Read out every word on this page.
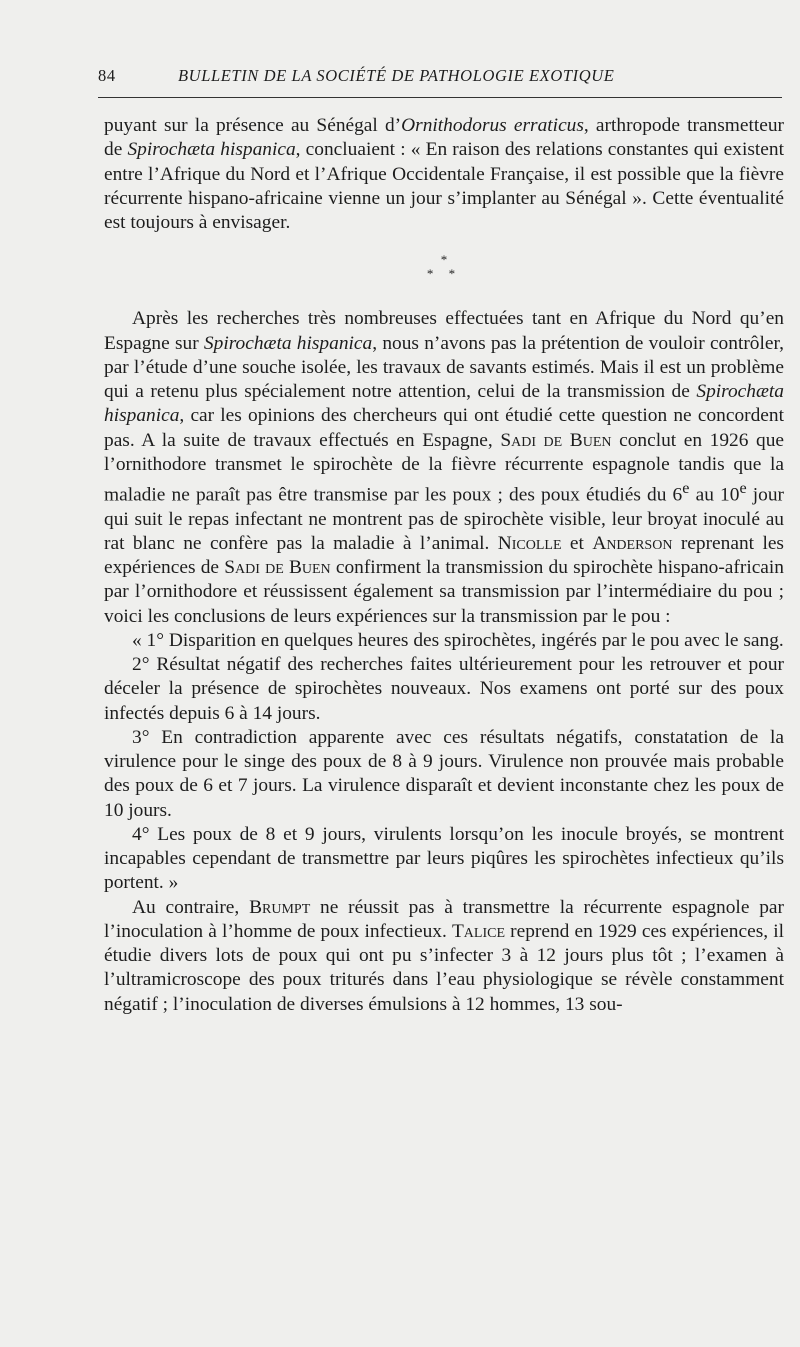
84	BULLETIN DE LA SOCIÉTÉ DE PATHOLOGIE EXOTIQUE

puyant sur la présence au Sénégal d’Ornithodorus erraticus, arthropode transmetteur de Spirochæta hispanica, concluaient : « En raison des relations constantes qui existent entre l’Afrique du Nord et l’Afrique Occidentale Française, il est possible que la fièvre récurrente hispano-africaine vienne un jour s’implanter au Sénégal ». Cette éventualité est toujours à envisager.

*
* *

Après les recherches très nombreuses effectuées tant en Afrique du Nord qu’en Espagne sur Spirochæta hispanica, nous n’avons pas la prétention de vouloir contrôler, par l’étude d’une souche isolée, les travaux de savants estimés. Mais il est un problème qui a retenu plus spécialement notre attention, celui de la transmission de Spirochæta hispanica, car les opinions des chercheurs qui ont étudié cette question ne concordent pas. A la suite de travaux effectués en Espagne, Sadi de Buen conclut en 1926 que l’ornithodore transmet le spirochète de la fièvre récurrente espagnole tandis que la maladie ne paraît pas être transmise par les poux ; des poux étudiés du 6e au 10e jour qui suit le repas infectant ne montrent pas de spirochète visible, leur broyat inoculé au rat blanc ne confère pas la maladie à l’animal. Nicolle et Anderson reprenant les expériences de Sadi de Buen confirment la transmission du spirochète hispano-africain par l’ornithodore et réussissent également sa transmission par l’intermédiaire du pou ; voici les conclusions de leurs expériences sur la transmission par le pou :

« 1° Disparition en quelques heures des spirochètes, ingérés par le pou avec le sang.

2° Résultat négatif des recherches faites ultérieurement pour les retrouver et pour déceler la présence de spirochètes nouveaux. Nos examens ont porté sur des poux infectés depuis 6 à 14 jours.

3° En contradiction apparente avec ces résultats négatifs, constatation de la virulence pour le singe des poux de 8 à 9 jours. Virulence non prouvée mais probable des poux de 6 et 7 jours. La virulence disparaît et devient inconstante chez les poux de 10 jours.

4° Les poux de 8 et 9 jours, virulents lorsqu’on les inocule broyés, se montrent incapables cependant de transmettre par leurs piqûres les spirochètes infectieux qu’ils portent. »

Au contraire, Brumpt ne réussit pas à transmettre la récurrente espagnole par l’inoculation à l’homme de poux infectieux. Talice reprend en 1929 ces expériences, il étudie divers lots de poux qui ont pu s’infecter 3 à 12 jours plus tôt ; l’examen à l’ultramicroscope des poux triturés dans l’eau physiologique se révèle constamment négatif ; l’inoculation de diverses émulsions à 12 hommes, 13 sou-
